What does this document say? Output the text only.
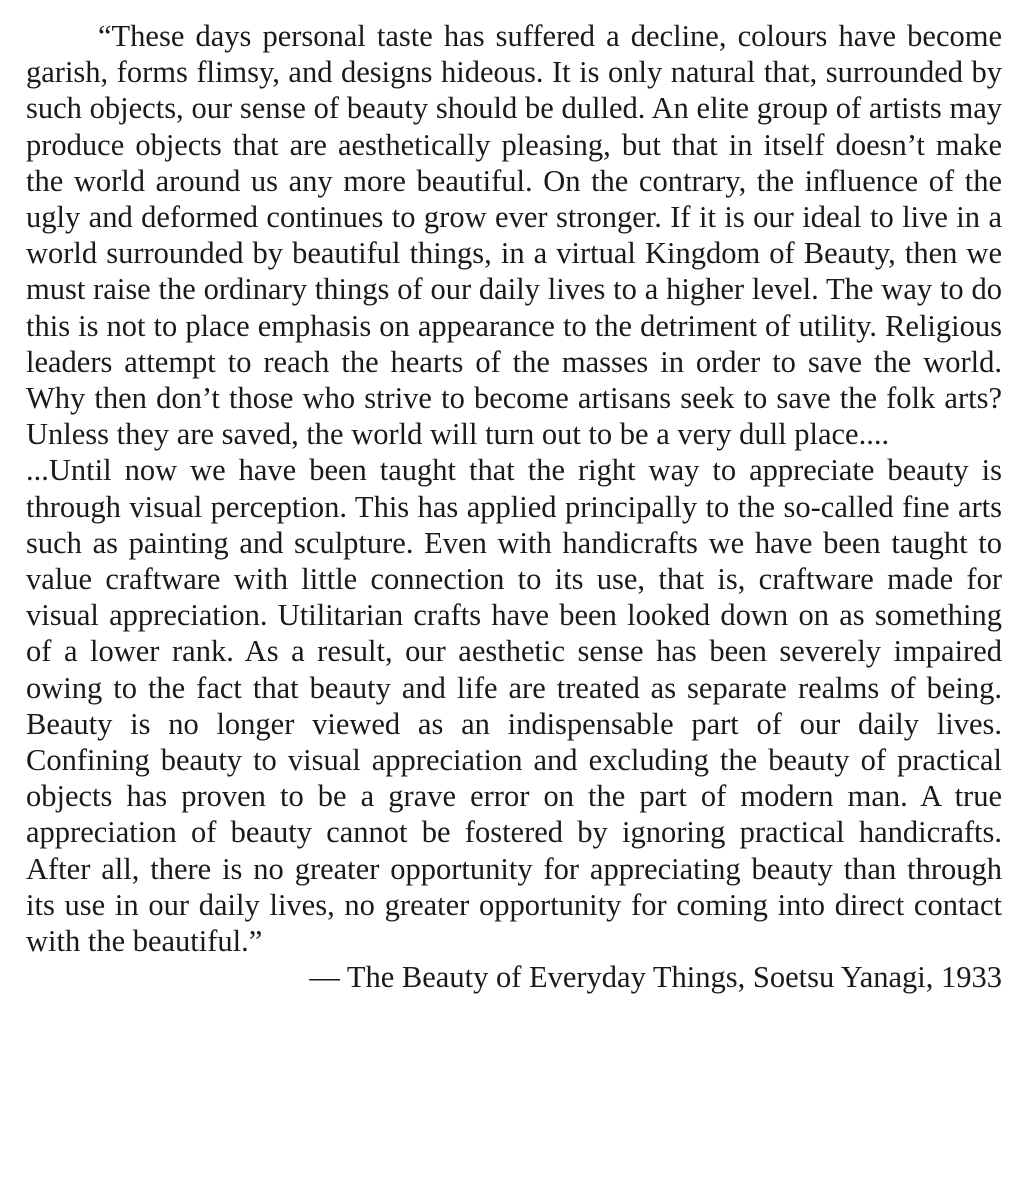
“These days personal taste has suffered a decline, colours have become garish, forms flimsy, and designs hideous. It is only natural that, surrounded by such objects, our sense of beauty should be dulled. An elite group of artists may produce objects that are aesthetically pleasing, but that in itself doesn’t make the world around us any more beautiful. On the contrary, the influence of the ugly and deformed continues to grow ever stronger. If it is our ideal to live in a world surrounded by beautiful things, in a virtual Kingdom of Beauty, then we must raise the ordinary things of our daily lives to a higher level. The way to do this is not to place emphasis on appearance to the detriment of utility. Religious leaders attempt to reach the hearts of the masses in order to save the world. Why then don’t those who strive to become artisans seek to save the folk arts? Unless they are saved, the world will turn out to be a very dull place....

...Until now we have been taught that the right way to appreciate beauty is through visual perception. This has applied principally to the so-called fine arts such as painting and sculpture. Even with handicrafts we have been taught to value craftware with little connection to its use, that is, craftware made for visual appreciation. Utilitarian crafts have been looked down on as something of a lower rank. As a result, our aesthetic sense has been severely impaired owing to the fact that beauty and life are treated as separate realms of being. Beauty is no longer viewed as an indispensable part of our daily lives. Confining beauty to visual appreciation and excluding the beauty of practical objects has proven to be a grave error on the part of modern man. A true appreciation of beauty cannot be fostered by ignoring practical handicrafts. After all, there is no greater opportunity for appreciating beauty than through its use in our daily lives, no greater opportunity for coming into direct contact with the beautiful.”

— The Beauty of Everyday Things, Soetsu Yanagi, 1933
